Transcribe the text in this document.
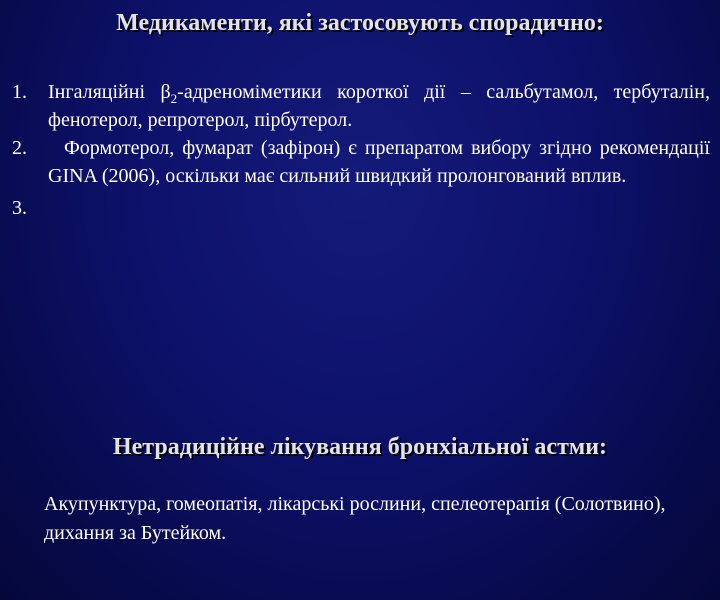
Медикаменти, які застосовують спорадично:
1.	Інгаляційні $\beta_2$-адреноміметики короткої дії – сальбутамол, тербуталін, фенотерол, репротерол, пірбутерол.
2.	Формотерол, фумарат (зафірон) є препаратом вибору згідно рекомендації GINA (2006), оскільки має сильний швидкий пролонгований вплив.
3.
Нетрадиційне лікування бронхіальної астми:

Акупунктура, гомеопатія, лікарські рослини, спелеотерапія (Солотвино), дихання за Бутейком.
